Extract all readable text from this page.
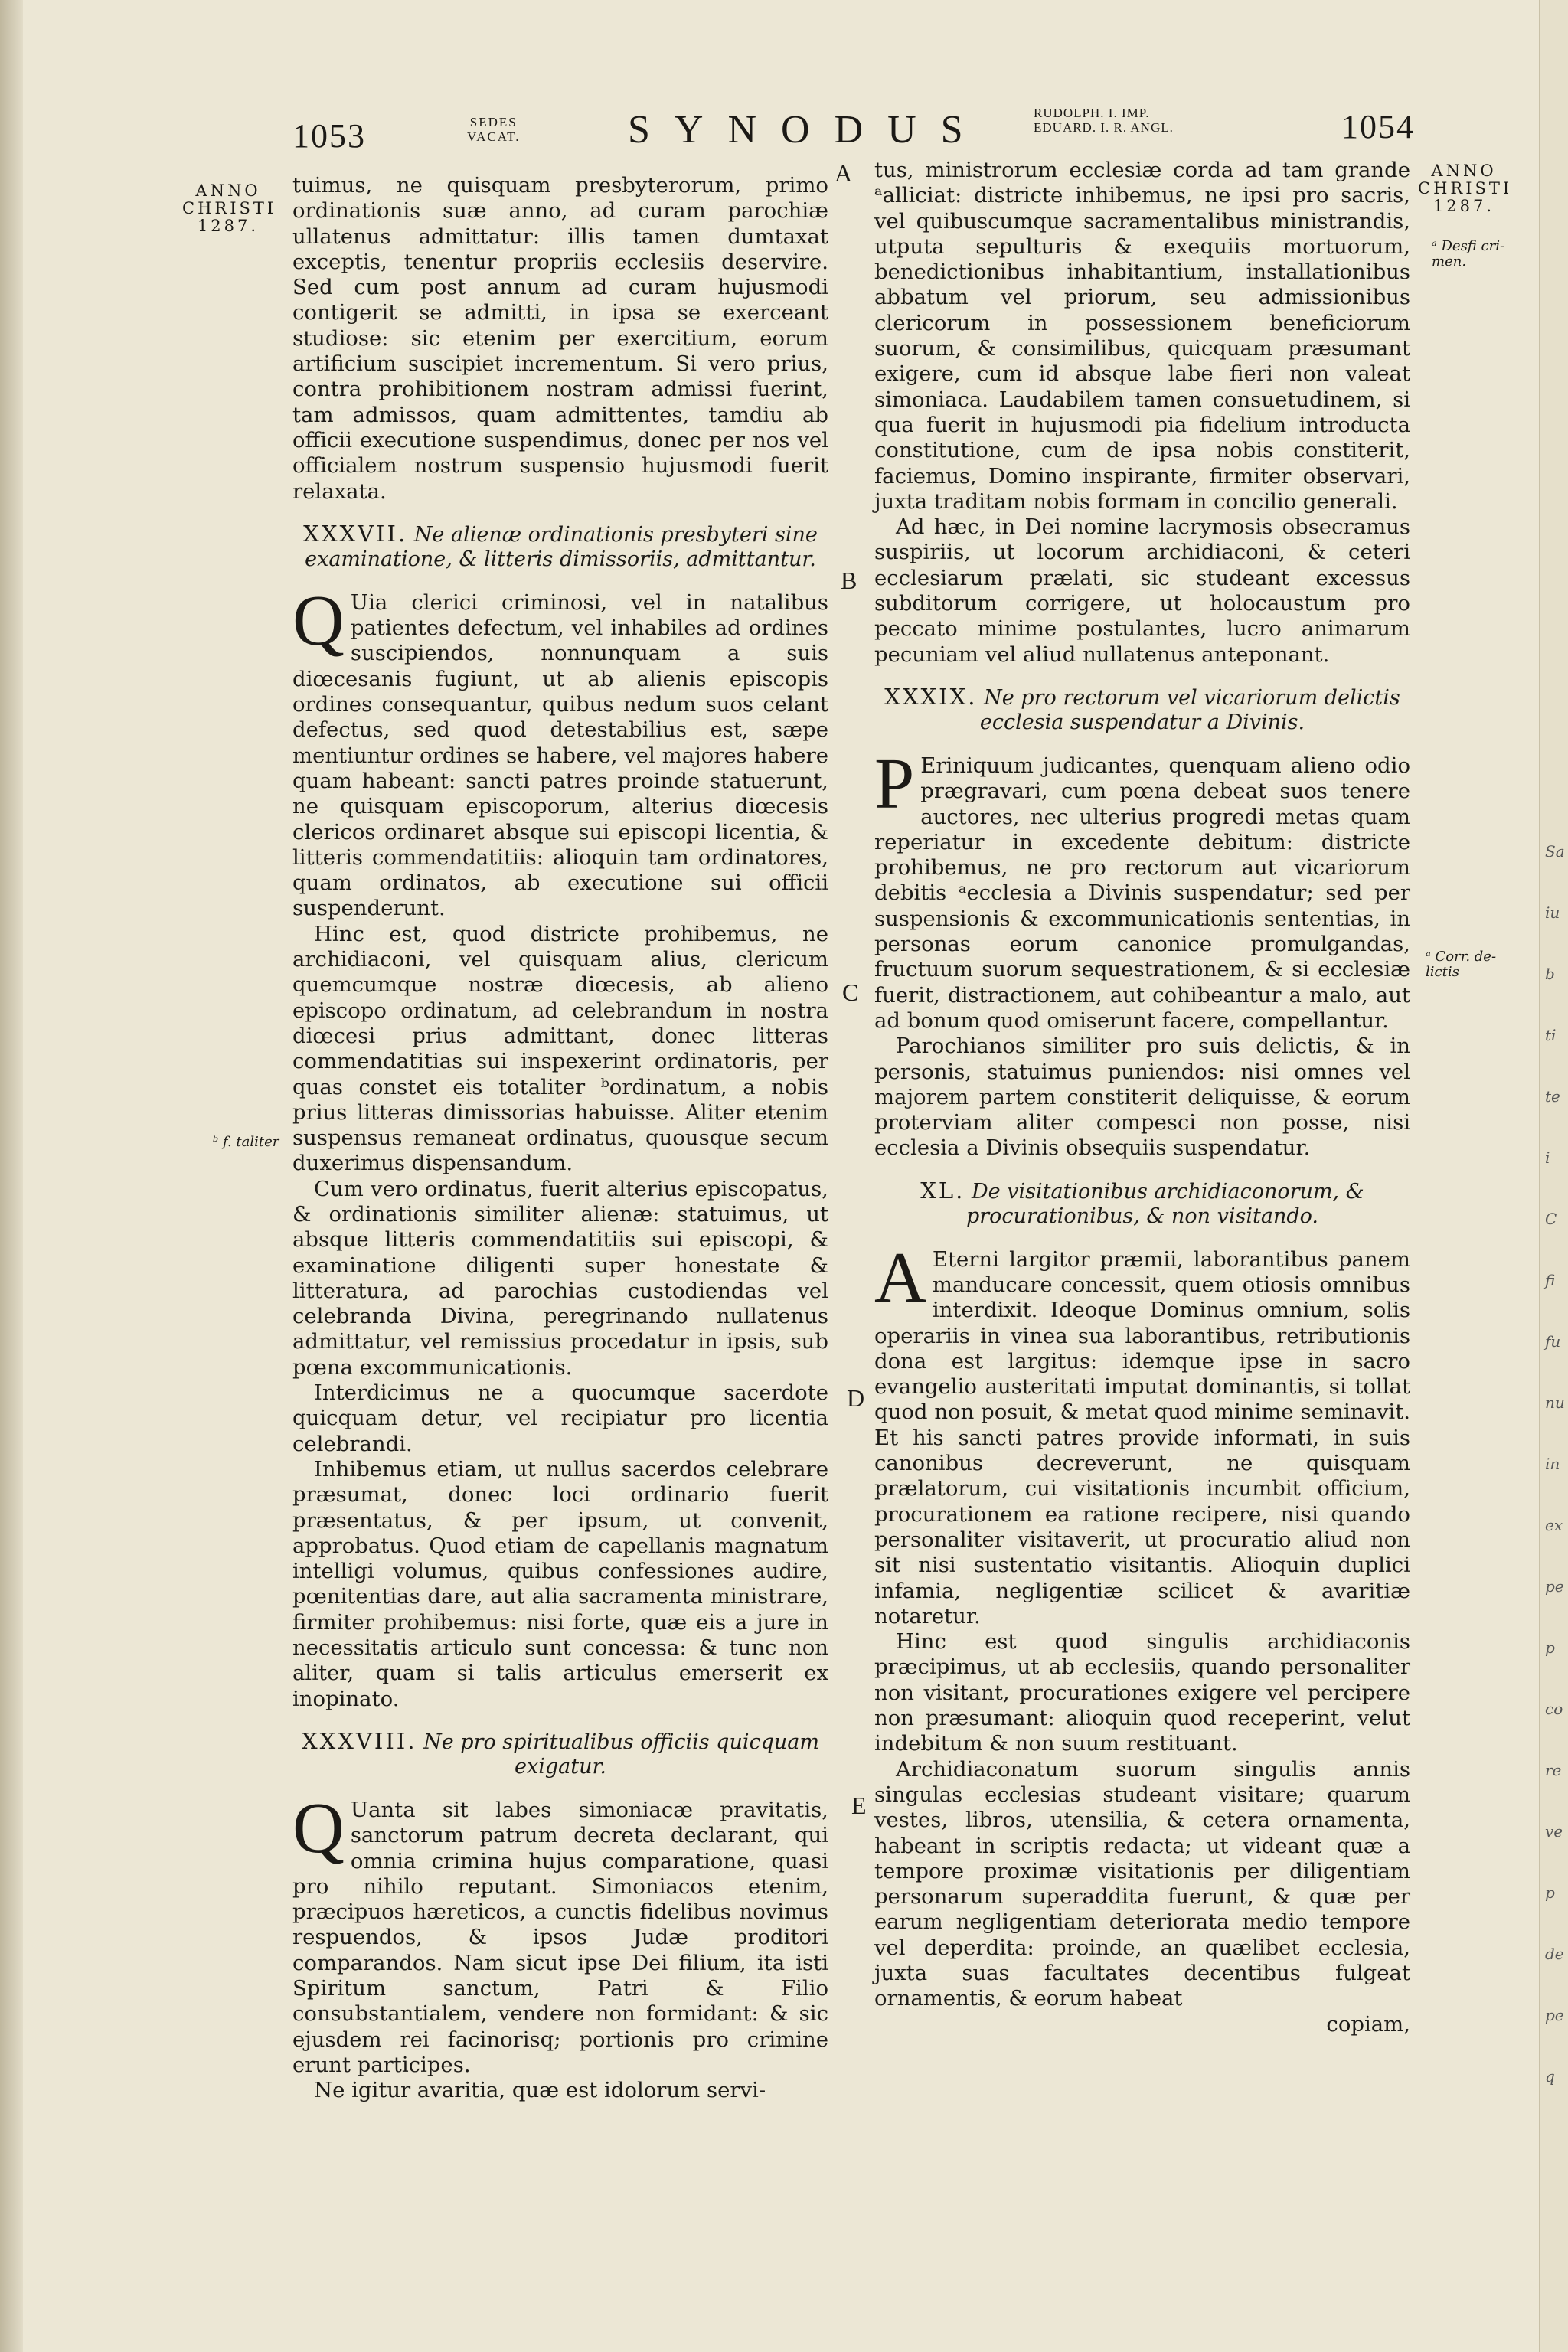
1053	SEDES
VACAT.	SYNODUS	RUDOLPH. I. IMP.
EDUARD. I. R. ANGL.	1054
ANNO
CHRISTI
1287.
ᵇ f. taliter
ANNO
CHRISTI
1287.
ᵃ Desfi cri-
men.
ᵃ Corr. de-
lictis
A
B
C
D
E

tuimus, ne quisquam presbyterorum, primo ordinationis suæ anno, ad curam parochiæ ullatenus admittatur: illis tamen dumtaxat exceptis, tenentur propriis ecclesiis deservire. Sed cum post annum ad curam hujusmodi contigerit se admitti, in ipsa se exerceant studiose: sic etenim per exercitium, eorum artificium suscipiet incrementum. Si vero prius, contra prohibitionem nostram admissi fuerint, tam admissos, quam admittentes, tamdiu ab officii executione suspendimus, donec per nos vel officialem nostrum suspensio hujusmodi fuerit relaxata.

XXXVII. Ne alienæ ordinationis presbyteri sine examinatione, & litteris dimissoriis, admittantur.

Q Uia clerici criminosi, vel in natalibus patientes defectum, vel inhabiles ad ordines suscipiendos, nonnunquam a suis diœcesanis fugiunt, ut ab alienis episcopis ordines consequantur, quibus nedum suos celant defectus, sed quod detestabilius est, sæpe mentiuntur ordines se habere, vel majores habere quam habeant: sancti patres proinde statuerunt, ne quisquam episcoporum, alterius diœcesis clericos ordinaret absque sui episcopi licentia, & litteris commendatitiis: alioquin tam ordinatores, quam ordinatos, ab executione sui officii suspenderunt.

Hinc est, quod districte prohibemus, ne archidiaconi, vel quisquam alius, clericum quemcumque nostræ diœcesis, ab alieno episcopo ordinatum, ad celebrandum in nostra diœcesi prius admittant, donec litteras commendatitias sui inspexerint ordinatoris, per quas constet eis totaliter ᵇordinatum, a nobis prius litteras dimissorias habuisse. Aliter etenim suspensus remaneat ordinatus, quousque secum duxerimus dispensandum.

Cum vero ordinatus, fuerit alterius episcopatus, & ordinationis similiter alienæ: statuimus, ut absque litteris commendatitiis sui episcopi, & examinatione diligenti super honestate & litteratura, ad parochias custodiendas vel celebranda Divina, peregrinando nullatenus admittatur, vel remissius procedatur in ipsis, sub pœna excommunicationis.

Interdicimus ne a quocumque sacerdote quicquam detur, vel recipiatur pro licentia celebrandi.

Inhibemus etiam, ut nullus sacerdos celebrare præsumat, donec loci ordinario fuerit præsentatus, & per ipsum, ut convenit, approbatus. Quod etiam de capellanis magnatum intelligi volumus, quibus confessiones audire, pœnitentias dare, aut alia sacramenta ministrare, firmiter prohibemus: nisi forte, quæ eis a jure in necessitatis articulo sunt concessa: & tunc non aliter, quam si talis articulus emerserit ex inopinato.

XXXVIII. Ne pro spiritualibus officiis quicquam exigatur.

Q Uanta sit labes simoniacæ pravitatis, sanctorum patrum decreta declarant, qui omnia crimina hujus comparatione, quasi pro nihilo reputant. Simoniacos etenim, præcipuos hæreticos, a cunctis fidelibus novimus respuendos, & ipsos Judæ proditori comparandos. Nam sicut ipse Dei filium, ita isti Spiritum sanctum, Patri & Filio consubstantialem, vendere non formidant: & sic ejusdem rei facinorisq; portionis pro crimine erunt participes.

Ne igitur avaritia, quæ est idolorum servi-

tus, ministrorum ecclesiæ corda ad tam grande ᵃalliciat: districte inhibemus, ne ipsi pro sacris, vel quibuscumque sacramentalibus ministrandis, utputa sepulturis & exequiis mortuorum, benedictionibus inhabitantium, installationibus abbatum vel priorum, seu admissionibus clericorum in possessionem beneficiorum suorum, & consimilibus, quicquam præsumant exigere, cum id absque labe fieri non valeat simoniaca. Laudabilem tamen consuetudinem, si qua fuerit in hujusmodi pia fidelium introducta constitutione, cum de ipsa nobis constiterit, faciemus, Domino inspirante, firmiter observari, juxta traditam nobis formam in concilio generali.

Ad hæc, in Dei nomine lacrymosis obsecramus suspiriis, ut locorum archidiaconi, & ceteri ecclesiarum prælati, sic studeant excessus subditorum corrigere, ut holocaustum pro peccato minime postulantes, lucro animarum pecuniam vel aliud nullatenus anteponant.

XXXIX. Ne pro rectorum vel vicariorum delictis ecclesia suspendatur a Divinis.

P Eriniquum judicantes, quenquam alieno odio prægravari, cum pœna debeat suos tenere auctores, nec ulterius progredi metas quam reperiatur in excedente debitum: districte prohibemus, ne pro rectorum aut vicariorum debitis ᵃecclesia a Divinis suspendatur; sed per suspensionis & excommunicationis sententias, in personas eorum canonice promulgandas, fructuum suorum sequestrationem, & si ecclesiæ fuerit, distractionem, aut cohibeantur a malo, aut ad bonum quod omiserunt facere, compellantur.

Parochianos similiter pro suis delictis, & in personis, statuimus puniendos: nisi omnes vel majorem partem constiterit deliquisse, & eorum proterviam aliter compesci non posse, nisi ecclesia a Divinis obsequiis suspendatur.

XL. De visitationibus archidiaconorum, & procurationibus, & non visitando.

A Eterni largitor præmii, laborantibus panem manducare concessit, quem otiosis omnibus interdixit. Ideoque Dominus omnium, solis operariis in vinea sua laborantibus, retributionis dona est largitus: idemque ipse in sacro evangelio austeritati imputat dominantis, si tollat quod non posuit, & metat quod minime seminavit. Et his sancti patres provide informati, in suis canonibus decreverunt, ne quisquam prælatorum, cui visitationis incumbit officium, procurationem ea ratione recipere, nisi quando personaliter visitaverit, ut procuratio aliud non sit nisi sustentatio visitantis. Alioquin duplici infamia, negligentiæ scilicet & avaritiæ notaretur.

Hinc est quod singulis archidiaconis præcipimus, ut ab ecclesiis, quando personaliter non visitant, procurationes exigere vel percipere non præsumant: alioquin quod receperint, velut indebitum & non suum restituant.

Archidiaconatum suorum singulis annis singulas ecclesias studeant visitare; quarum vestes, libros, utensilia, & cetera ornamenta, habeant in scriptis redacta; ut videant quæ a tempore proximæ visitationis per diligentiam personarum superaddita fuerunt, & quæ per earum negligentiam deteriorata medio tempore vel deperdita: proinde, an quælibet ecclesia, juxta suas facultates decentibus fulgeat ornamentis, & eorum habeat

copiam,

Sa
iu
b
ti
te
i
C
fi
fu
nu
in
ex
pe
p
co
re
ve
p
de
pe
q
